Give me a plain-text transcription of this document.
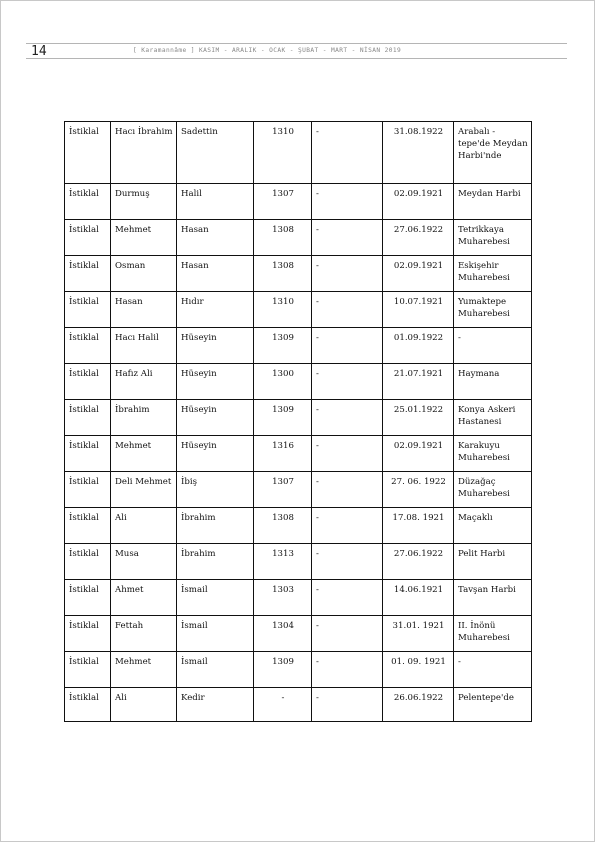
14	[ Karamannâme ] KASIM - ARALIK - OCAK - ŞUBAT - MART - NİSAN 2019
İstiklal	Hacı İbrahim	Sadettin	1310	-	31.08.1922	Arabalı - tepe'de Meydan Harbi'nde
İstiklal	Durmuş	Halil	1307	-	02.09.1921	Meydan Harbi
İstiklal	Mehmet	Hasan	1308	-	27.06.1922	Tetrikkaya Muharebesi
İstiklal	Osman	Hasan	1308	-	02.09.1921	Eskişehir Muharebesi
İstiklal	Hasan	Hıdır	1310	-	10.07.1921	Yumaktepe Muharebesi
İstiklal	Hacı Halil	Hüseyin	1309	-	01.09.1922	-
İstiklal	Hafız Ali	Hüseyin	1300	-	21.07.1921	Haymana
İstiklal	İbrahim	Hüseyin	1309	-	25.01.1922	Konya Askeri Hastanesi
İstiklal	Mehmet	Hüseyin	1316	-	02.09.1921	Karakuyu Muharebesi
İstiklal	Deli Mehmet	İbiş	1307	-	27. 06. 1922	Düzağaç Muharebesi
İstiklal	Ali	İbrahim	1308	-	17.08. 1921	Maçaklı
İstiklal	Musa	İbrahim	1313	-	27.06.1922	Pelit Harbi
İstiklal	Ahmet	İsmail	1303	-	14.06.1921	Tavşan Harbi
İstiklal	Fettah	İsmail	1304	-	31.01. 1921	II. İnönü Muharebesi
İstiklal	Mehmet	İsmail	1309	-	01. 09. 1921	-
İstiklal	Ali	Kedir	-	-	26.06.1922	Pelentepe'de
